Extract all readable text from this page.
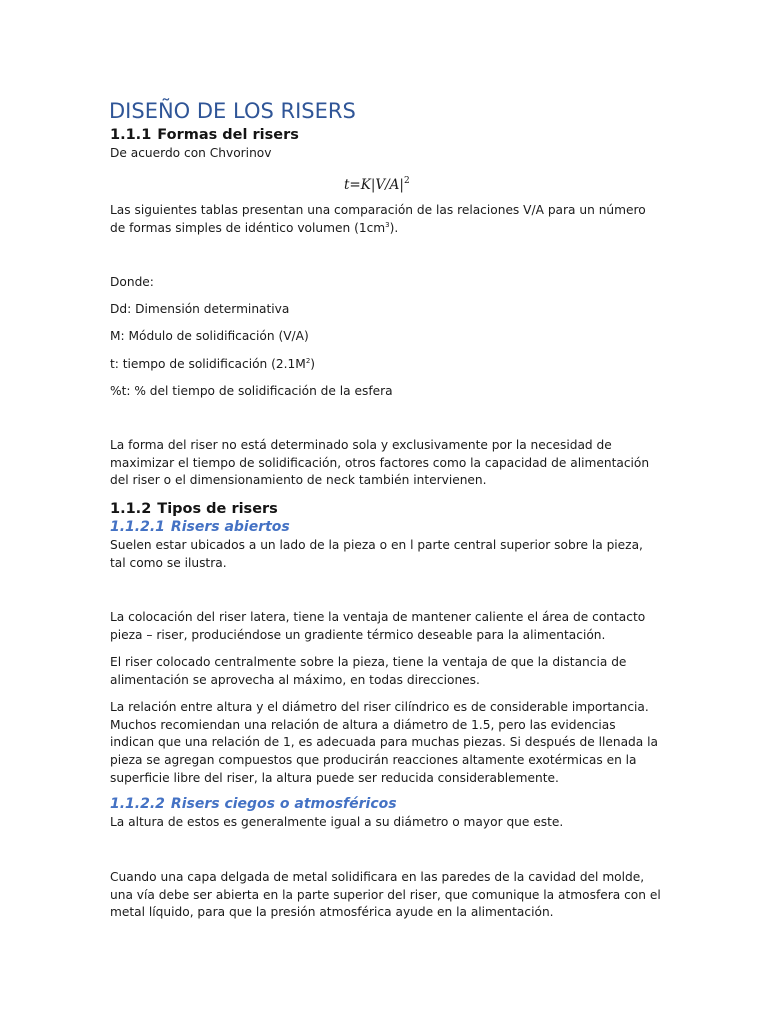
DISEÑO DE LOS RISERS
1.1.1 Formas del risers

De acuerdo con Chvorinov

$t=K|V/A|^2$

Las siguientes tablas presentan una comparación de las relaciones V/A para un número de formas simples de idéntico volumen $(1cm^3)$.

Donde:

Dd: Dimensión determinativa

M: Módulo de solidificación (V/A)

t: tiempo de solidificación $(2.1M^2)$

%t: % del tiempo de solidificación de la esfera

La forma del riser no está determinado sola y exclusivamente por la necesidad de maximizar el tiempo de solidificación, otros factores como la capacidad de alimentación del riser o el dimensionamiento de neck también intervienen.

1.1.2 Tipos de risers
1.1.2.1 Risers abiertos

Suelen estar ubicados a un lado de la pieza o en l parte central superior sobre la pieza, tal como se ilustra.

La colocación del riser latera, tiene la ventaja de mantener caliente el área de contacto pieza – riser, produciéndose un gradiente térmico deseable para la alimentación.

El riser colocado centralmente sobre la pieza, tiene la ventaja de que la distancia de alimentación se aprovecha al máximo, en todas direcciones.

La relación entre altura y el diámetro del riser cilíndrico es de considerable importancia. Muchos recomiendan una relación de altura a diámetro de 1.5, pero las evidencias indican que una relación de 1, es adecuada para muchas piezas. Si después de llenada la pieza se agregan compuestos que producirán reacciones altamente exotérmicas en la superficie libre del riser, la altura puede ser reducida considerablemente.

1.1.2.2 Risers ciegos o atmosféricos

La altura de estos es generalmente igual a su diámetro o mayor que este.

Cuando una capa delgada de metal solidificara en las paredes de la cavidad del molde, una vía debe ser abierta en la parte superior del riser, que comunique la atmosfera con el metal líquido, para que la presión atmosférica ayude en la alimentación.
